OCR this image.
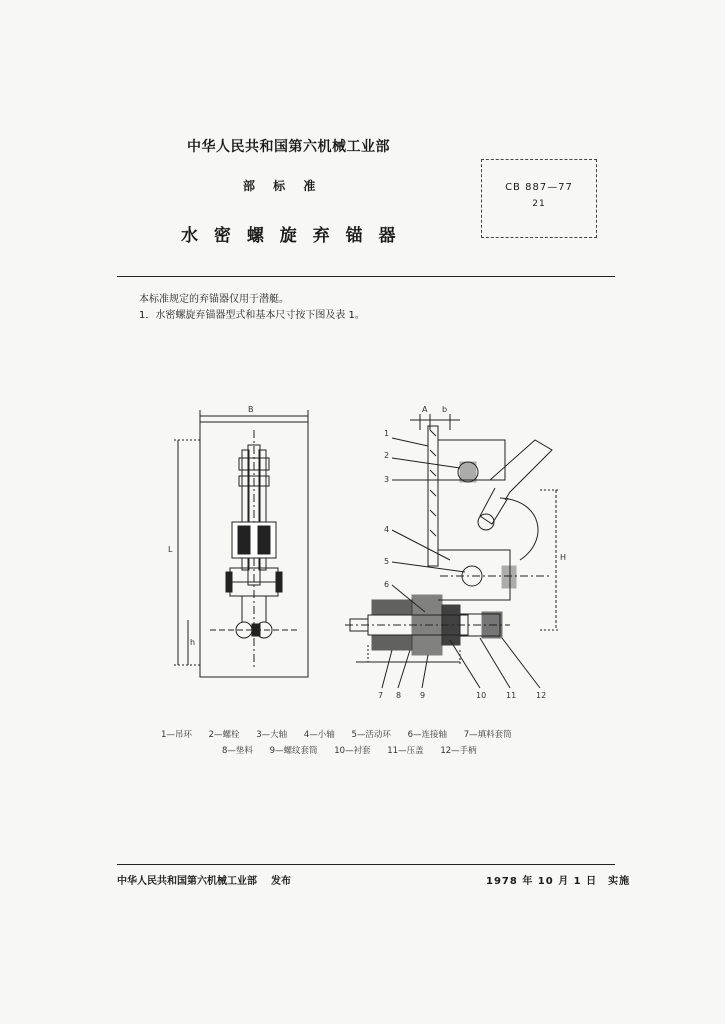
中华人民共和国第六机械工业部
部 标 准
水 密 螺 旋 弃 锚 器
CB 887—77
21
本标准规定的弃锚器仅用于潜艇。
1．水密螺旋弃锚器型式和基本尺寸按下图及表 1。
B
L
h
A b
H
1
2
3
4
5
6
7 8 9	10 11 12
1—吊环 2—螺栓 3—大轴 4—小轴 5—活动环 6—连接轴 7—填料套筒
8—垫料 9—螺纹套筒 10—衬套 11—压盖 12—手柄
中华人民共和国第六机械工业部 发布	1978 年 10 月 1 日　实施
